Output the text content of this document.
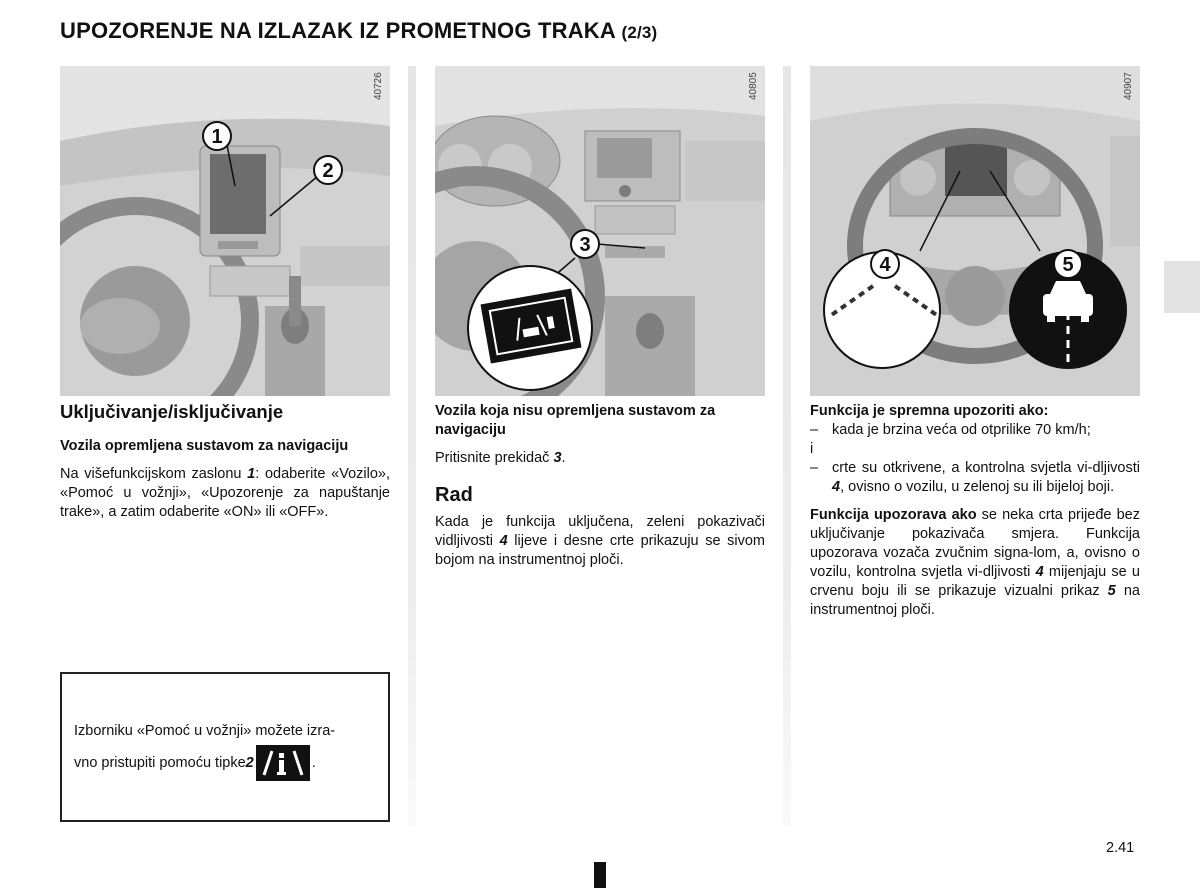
UPOZORENJE NA IZLAZAK IZ PROMETNOG TRAKA (2/3)
1
2
40726
3
40805
4	5
40907
Uključivanje/isključivanje

Vozila opremljena sustavom za navigaciju

Na višefunkcijskom zaslonu 1: odaberite «Vozilo», «Pomoć u vožnji», «Upozorenje za napuštanje trake», a zatim odaberite «ON» ili «OFF».

Izborniku «Pomoć u vožnji» možete izra-
vno pristupiti pomoću tipke 2	.

Vozila koja nisu opremljena sustavom za navigaciju

Pritisnite prekidač 3.

Rad

Kada je funkcija uključena, zeleni pokazivači vidljivosti 4 lijeve i desne crte prikazuju se sivom bojom na instrumentnoj ploči.

Funkcija je spremna upozoriti ako:
– kada je brzina veća od otprilike 70 km/h;
i
– crte su otkrivene, a kontrolna svjetla vi-dljivosti 4, ovisno o vozilu, u zelenoj su ili bijeloj boji.

Funkcija upozorava ako se neka crta prijeđe bez uključivanje pokazivača smjera. Funkcija upozorava vozača zvučnim signa-lom, a, ovisno o vozilu, kontrolna svjetla vi-dljivosti 4 mijenjaju se u crvenu boju ili se prikazuje vizualni prikaz 5 na instrumentnoj ploči.

2.41
